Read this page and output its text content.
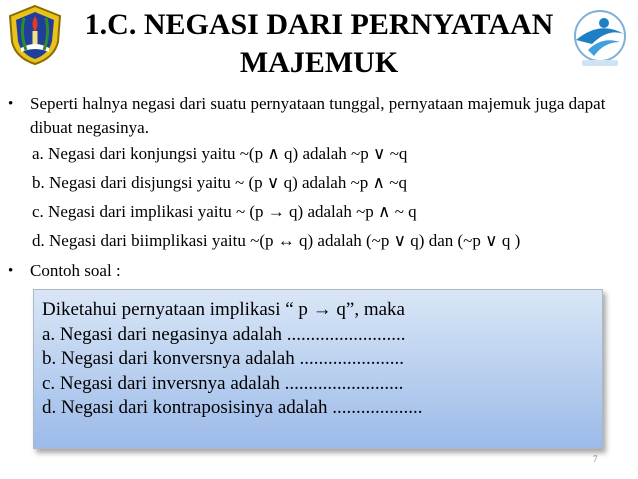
1.C. NEGASI DARI PERNYATAAN
MAJEMUK
• Seperti halnya negasi dari suatu pernyataan tunggal, pernyataan majemuk juga dapat dibuat negasinya.
a. Negasi dari konjungsi yaitu ~(p ∧ q) adalah ~p ∨ ~q
b. Negasi dari disjungsi yaitu ~ (p ∨ q) adalah ~p ∧ ~q
c. Negasi dari implikasi yaitu ~ (p → q) adalah ~p ∧ ~ q
d. Negasi dari biimplikasi yaitu ~(p ↔ q) adalah (~p ∨ q) dan (~p ∨ q )
• Contoh soal :
Diketahui pernyataan implikasi “ p → q”, maka
a. Negasi dari negasinya adalah .........................
b. Negasi dari konversnya adalah ......................
c. Negasi dari inversnya adalah .........................
d. Negasi dari kontraposisinya adalah ...................
7
